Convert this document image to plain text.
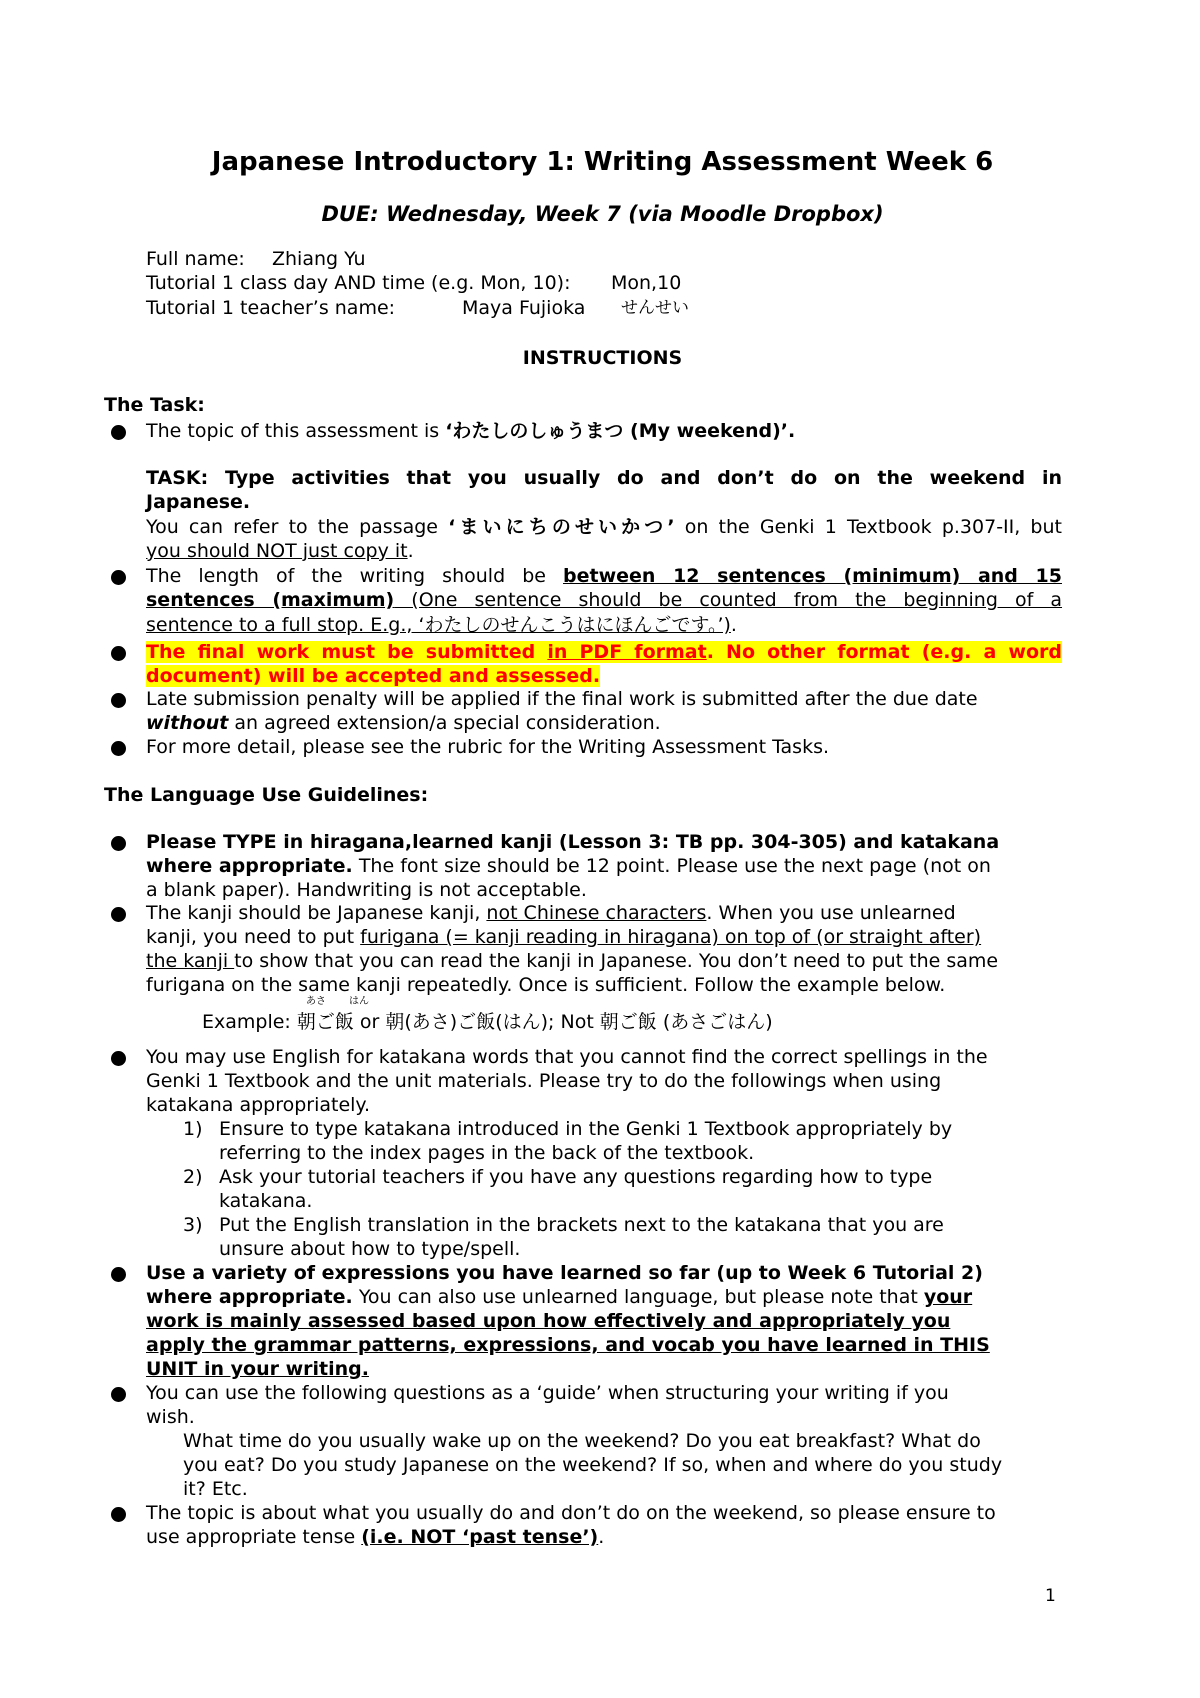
Japanese Introductory 1: Writing Assessment Week 6
DUE: Wednesday, Week 7 (via Moodle Dropbox)
Full name: Zhiang Yu
Tutorial 1 class day AND time (e.g. Mon, 10): Mon,10
Tutorial 1 teacher’s name:	Maya Fujioka せんせい
INSTRUCTIONS
The Task:
The topic of this assessment is ‘わたしのしゅうまつ (My weekend)’.
TASK: Type activities that you usually do and don’t do on the weekend in
Japanese.
You can refer to the passage ‘まいにちのせいかつ’ on the Genki 1 Textbook p.307-II, but
you should NOT just copy it.
The length of the writing should be between 12 sentences (minimum) and 15
sentences (maximum) (One sentence should be counted from the beginning of a
sentence to a full stop. E.g., ‘わたしのせんこうはにほんごです。’).
The final work must be submitted in PDF format. No other format (e.g. a word
document) will be accepted and assessed.
Late submission penalty will be applied if the final work is submitted after the due date
without an agreed extension/a special consideration.
For more detail, please see the rubric for the Writing Assessment Tasks.
The Language Use Guidelines:
Please TYPE in hiragana,learned kanji (Lesson 3: TB pp. 304-305) and katakana
where appropriate. The font size should be 12 point. Please use the next page (not on
a blank paper). Handwriting is not acceptable.
The kanji should be Japanese kanji, not Chinese characters. When you use unlearned
kanji, you need to put furigana (= kanji reading in hiragana) on top of (or straight after)
the kanji to show that you can read the kanji in Japanese. You don’t need to put the same
furigana on the same kanji repeatedly. Once is sufficient. Follow the example below.
あさ はん
Example: 朝ご飯 or 朝(あさ)ご飯(はん); Not 朝ご飯 (あさごはん)
You may use English for katakana words that you cannot find the correct spellings in the
Genki 1 Textbook and the unit materials. Please try to do the followings when using
katakana appropriately.
1) Ensure to type katakana introduced in the Genki 1 Textbook appropriately by
referring to the index pages in the back of the textbook.
2) Ask your tutorial teachers if you have any questions regarding how to type
katakana.
3) Put the English translation in the brackets next to the katakana that you are
unsure about how to type/spell.
Use a variety of expressions you have learned so far (up to Week 6 Tutorial 2)
where appropriate. You can also use unlearned language, but please note that your
work is mainly assessed based upon how effectively and appropriately you
apply the grammar patterns, expressions, and vocab you have learned in THIS
UNIT in your writing.
You can use the following questions as a ‘guide’ when structuring your writing if you
wish.
What time do you usually wake up on the weekend? Do you eat breakfast? What do
you eat? Do you study Japanese on the weekend? If so, when and where do you study
it? Etc.
The topic is about what you usually do and don’t do on the weekend, so please ensure to
use appropriate tense (i.e. NOT ‘past tense’).
1
